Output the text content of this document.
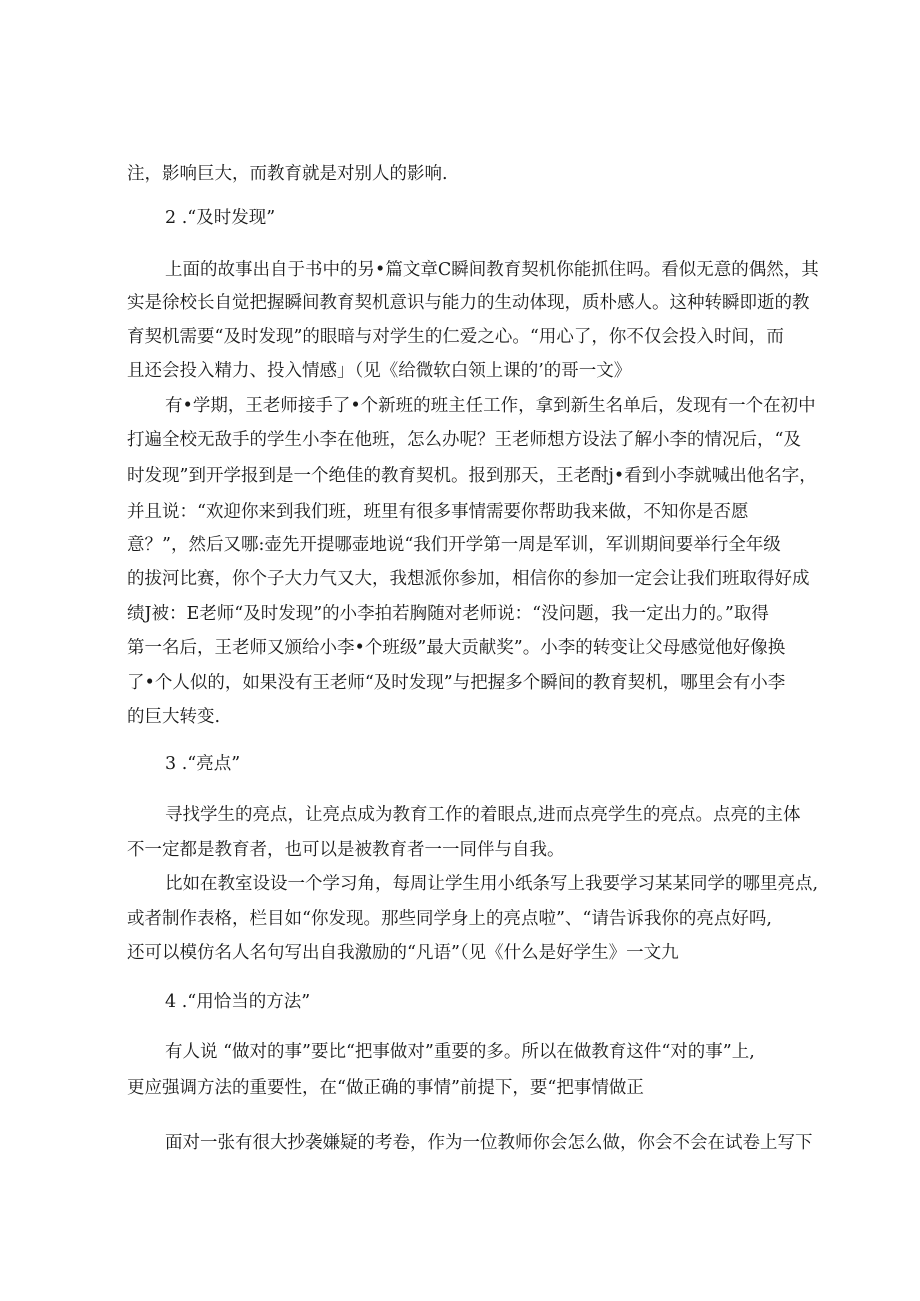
注，影响巨大，而教育就是对别人的影响.
2 .“及时发现”
上面的故事出自于书中的另•篇文章C瞬间教育契机你能抓住吗。看似无意的偶然，其
实是徐校长自觉把握瞬间教育契机意识与能力的生动体现，质朴感人。这种转瞬即逝的教
育契机需要“及时发现”的眼暗与对学生的仁爱之心。“用心了，你不仅会投入时间，而
且还会投入精力、投入情感」（见《给微软白领上课的’的哥一文》
有•学期，王老师接手了•个新班的班主任工作，拿到新生名单后，发现有一个在初中
打遍全校无敌手的学生小李在他班，怎么办呢？王老师想方设法了解小李的情况后，“及
时发现”到开学报到是一个绝佳的教育契机。报到那天，王老酎j•看到小李就喊出他名字，
并且说：“欢迎你来到我们班，班里有很多事情需要你帮助我来做，不知你是否愿
意？”，然后又哪:壶先开提哪壶地说“我们开学第一周是军训，军训期间要举行全年级
的拔河比赛，你个子大力气又大，我想派你参加，相信你的参加一定会让我们班取得好成
绩J被：E老师“及时发现”的小李拍若胸随对老师说：“没问题，我一定出力的。”取得
第一名后，王老师又颁给小李•个班级”最大贡献奖”。小李的转变让父母感觉他好像换
了•个人似的，如果没有王老师“及时发现”与把握多个瞬间的教育契机，哪里会有小李
的巨大转变.
3 .“亮点”
寻找学生的亮点，让亮点成为教育工作的着眼点,进而点亮学生的亮点。点亮的主体
不一定都是教育者，也可以是被教育者一一同伴与自我。
比如在教室设设一个学习角，每周让学生用小纸条写上我要学习某某同学的哪里亮点,
或者制作表格，栏目如“你发现。那些同学身上的亮点啦”、“请告诉我你的亮点好吗,
还可以模仿名人名句写出自我激励的“凡语”（见《什么是好学生》一文九
4 .“用恰当的方法”
有人说 “做对的事”要比“把事做对”重要的多。所以在做教育这件“对的事”上,
更应强调方法的重要性，在“做正确的事情”前提下，要“把事情做正
面对一张有很大抄袭嫌疑的考卷，作为一位教师你会怎么做，你会不会在试卷上写下
